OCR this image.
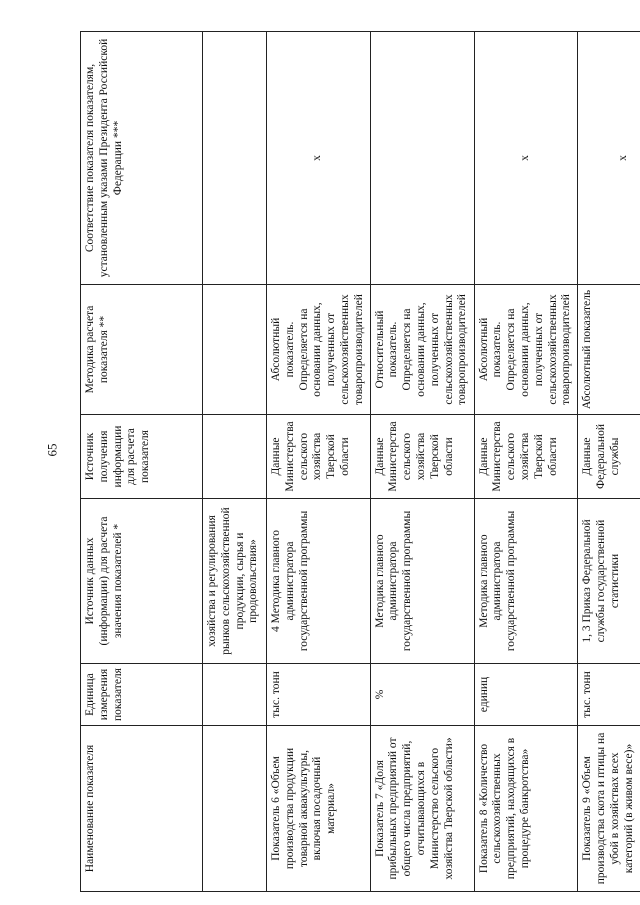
65
Наименование показателя	Единица измерения показателя	Источник данных (информации) для расчета значения показателей *	Источник получения информации для расчета показателя	Методика расчета показателя **	Соответствие показателя показателям, установленным указами Президента Российской Федерации ***
		хозяйства и регулирования рынков сельскохозяйственной продукции, сырья и продовольствия»			
Показатель 6 «Объем производства продукции товарной аквакультуры, включая посадочный материал»	тыс. тонн	4 Методика главного администратора государственной программы	Данные Министерства сельского хозяйства Тверской области	Абсолютный показатель. Определяется на основании данных, полученных от сельскохозяйственных товаропроизводителей	х
Показатель 7 «Доля прибыльных предприятий от общего числа предприятий, отчитывающихся в Министерство сельского хозяйства Тверской области»	%	Методика главного администратора государственной программы	Данные Министерства сельского хозяйства Тверской области	Относительный показатель. Определяется на основании данных, полученных от сельскохозяйственных товаропроизводителей	
Показатель 8 «Количество сельскохозяйственных предприятий, находящихся в процедуре банкротства»	единиц	Методика главного администратора государственной программы	Данные Министерства сельского хозяйства Тверской области	Абсолютный показатель. Определяется на основании данных, полученных от сельскохозяйственных товаропроизводителей	х
Показатель 9 «Объем производства скота и птицы на убой в хозяйствах всех категорий (в живом весе)»	тыс. тонн	1, 3 Приказ Федеральной службы государственной статистики	Данные Федеральной службы	Абсолютный показатель	х
